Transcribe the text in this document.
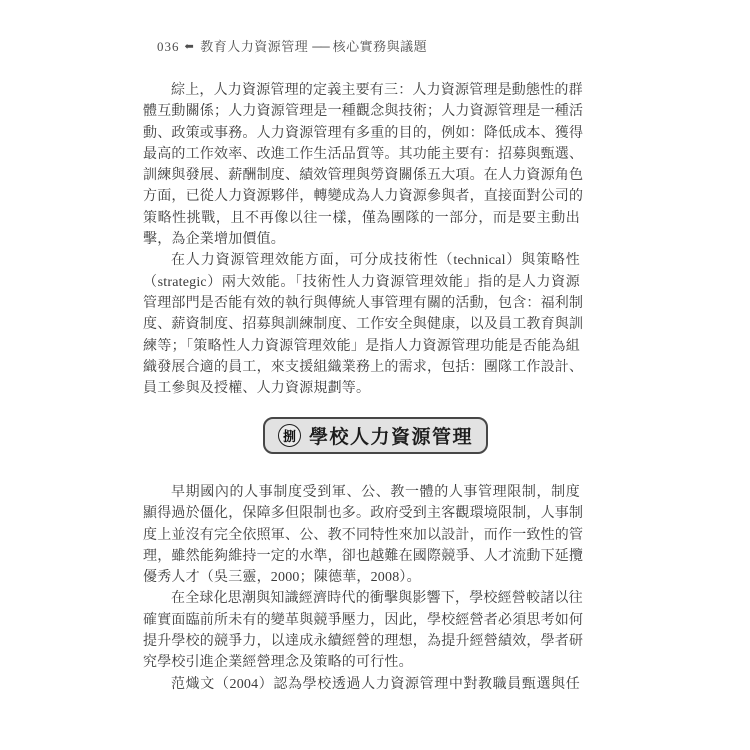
036 ⬅ 教育人力資源管理 ── 核心實務與議題
綜上，人力資源管理的定義主要有三：人力資源管理是動態性的群
體互動關係；人力資源管理是一種觀念與技術；人力資源管理是一種活
動、政策或事務。人力資源管理有多重的目的，例如：降低成本、獲得
最高的工作效率、改進工作生活品質等。其功能主要有：招募與甄選、
訓練與發展、薪酬制度、績效管理與勞資關係五大項。在人力資源角色
方面，已從人力資源夥伴，轉變成為人力資源參與者，直接面對公司的
策略性挑戰，且不再像以往一樣，僅為團隊的一部分，而是要主動出
擊，為企業增加價值。
在人力資源管理效能方面，可分成技術性（technical）與策略性
（strategic）兩大效能。「技術性人力資源管理效能」指的是人力資源
管理部門是否能有效的執行與傳統人事管理有關的活動，包含：福利制
度、薪資制度、招募與訓練制度、工作安全與健康，以及員工教育與訓
練等；「策略性人力資源管理效能」是指人力資源管理功能是否能為組
織發展合適的員工，來支援組織業務上的需求，包括：團隊工作設計、
員工參與及授權、人力資源規劃等。
捌 學校人力資源管理
早期國內的人事制度受到軍、公、教一體的人事管理限制，制度
顯得過於僵化，保障多但限制也多。政府受到主客觀環境限制，人事制
度上並沒有完全依照軍、公、教不同特性來加以設計，而作一致性的管
理，雖然能夠維持一定的水準，卻也越難在國際競爭、人才流動下延攬
優秀人才（吳三靈，2000；陳德華，2008）。
在全球化思潮與知識經濟時代的衝擊與影響下，學校經營較諸以往
確實面臨前所未有的變革與競爭壓力，因此，學校經營者必須思考如何
提升學校的競爭力，以達成永續經營的理想，為提升經營績效，學者研
究學校引進企業經營理念及策略的可行性。
范熾文（2004）認為學校透過人力資源管理中對教職員甄選與任
